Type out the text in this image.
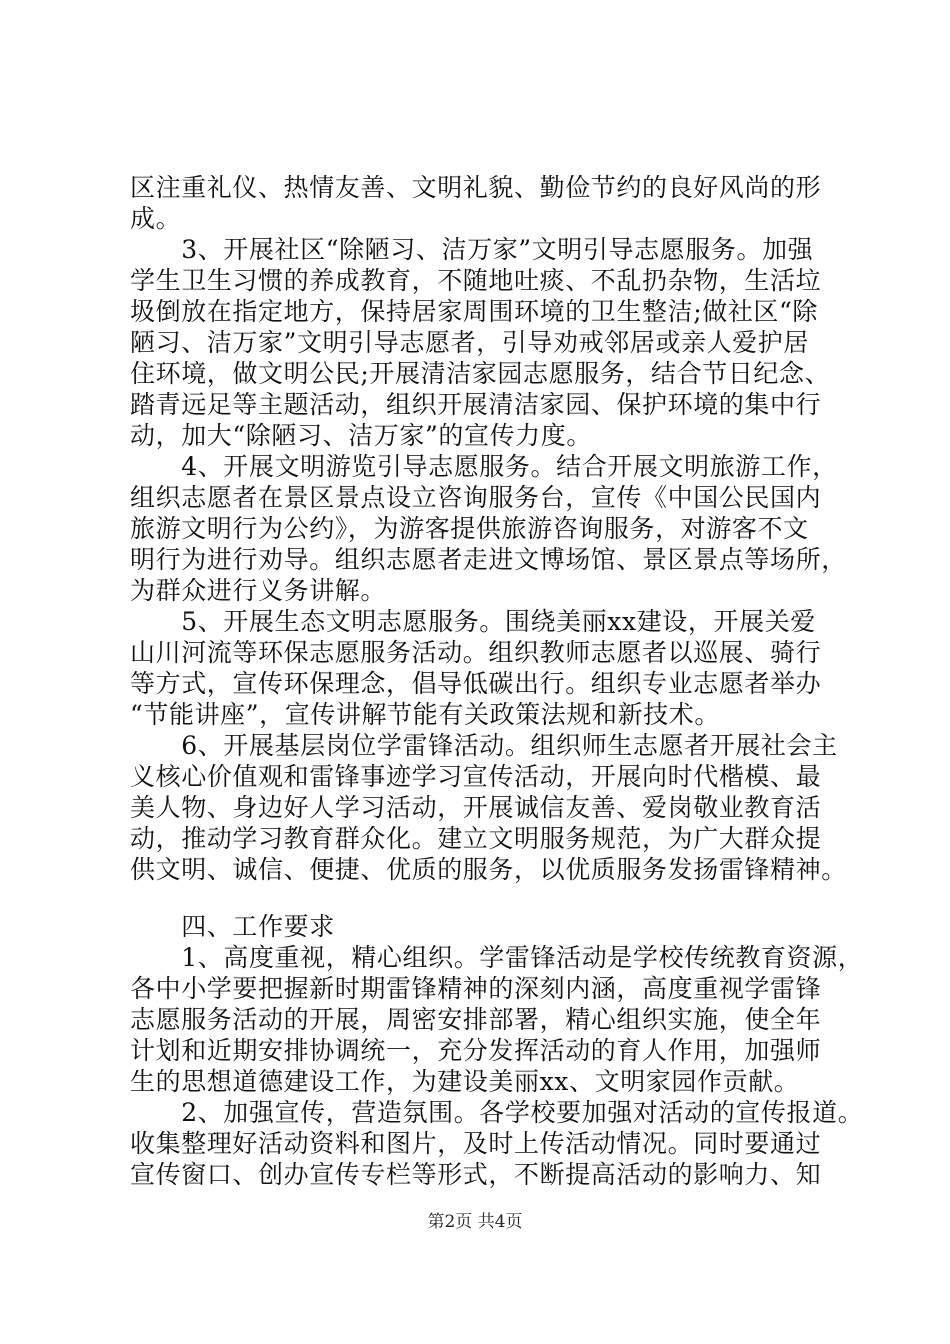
区注重礼仪、热情友善、文明礼貌、勤俭节约的良好风尚的形
成。
　　3、开展社区“除陋习、洁万家”文明引导志愿服务。加强
学生卫生习惯的养成教育，不随地吐痰、不乱扔杂物，生活垃
圾倒放在指定地方，保持居家周围环境的卫生整洁;做社区“除
陋习、洁万家”文明引导志愿者，引导劝戒邻居或亲人爱护居
住环境，做文明公民;开展清洁家园志愿服务，结合节日纪念、
踏青远足等主题活动，组织开展清洁家园、保护环境的集中行
动，加大“除陋习、洁万家”的宣传力度。
　　4、开展文明游览引导志愿服务。结合开展文明旅游工作，
组织志愿者在景区景点设立咨询服务台，宣传《中国公民国内
旅游文明行为公约》，为游客提供旅游咨询服务，对游客不文
明行为进行劝导。组织志愿者走进文博场馆、景区景点等场所，
为群众进行义务讲解。
　　5、开展生态文明志愿服务。围绕美丽xx建设，开展关爱
山川河流等环保志愿服务活动。组织教师志愿者以巡展、骑行
等方式，宣传环保理念，倡导低碳出行。组织专业志愿者举办
“节能讲座”，宣传讲解节能有关政策法规和新技术。
　　6、开展基层岗位学雷锋活动。组织师生志愿者开展社会主
义核心价值观和雷锋事迹学习宣传活动，开展向时代楷模、最
美人物、身边好人学习活动，开展诚信友善、爱岗敬业教育活
动，推动学习教育群众化。建立文明服务规范，为广大群众提
供文明、诚信、便捷、优质的服务，以优质服务发扬雷锋精神。
　　四、工作要求
　　1、高度重视，精心组织。学雷锋活动是学校传统教育资源，
各中小学要把握新时期雷锋精神的深刻内涵，高度重视学雷锋
志愿服务活动的开展，周密安排部署，精心组织实施，使全年
计划和近期安排协调统一，充分发挥活动的育人作用，加强师
生的思想道德建设工作，为建设美丽xx、文明家园作贡献。
　　2、加强宣传，营造氛围。各学校要加强对活动的宣传报道。
收集整理好活动资料和图片，及时上传活动情况。同时要通过
宣传窗口、创办宣传专栏等形式，不断提高活动的影响力、知
第2页 共4页
